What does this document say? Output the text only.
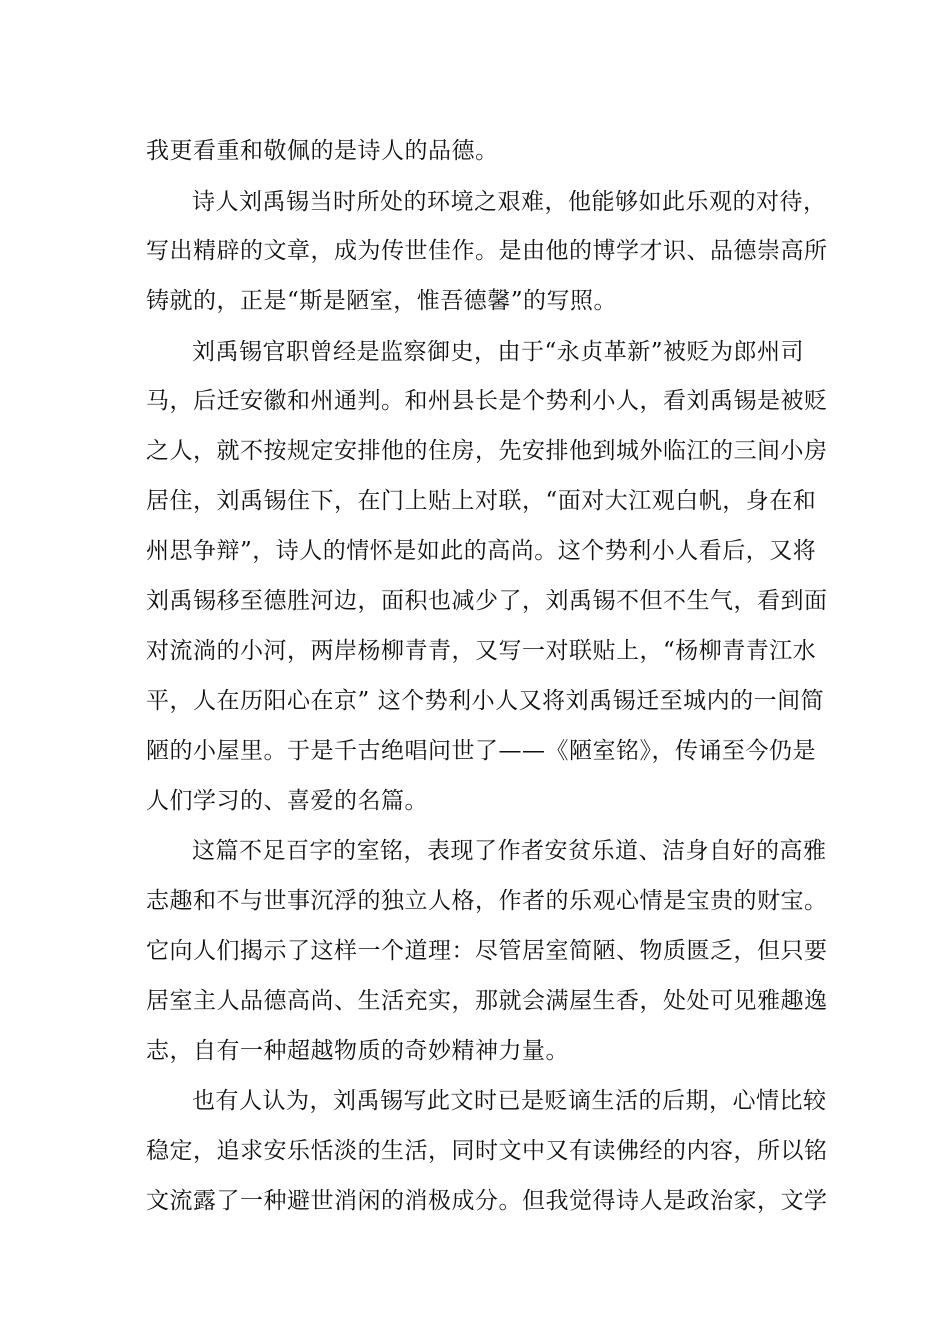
我更看重和敬佩的是诗人的品德。
诗人刘禹锡当时所处的环境之艰难，他能够如此乐观的对待，
写出精辟的文章，成为传世佳作。是由他的博学才识、品德崇高所
铸就的，正是“斯是陋室，惟吾德馨”的写照。
刘禹锡官职曾经是监察御史，由于“永贞革新”被贬为郎州司
马，后迁安徽和州通判。和州县长是个势利小人，看刘禹锡是被贬
之人，就不按规定安排他的住房，先安排他到城外临江的三间小房
居住，刘禹锡住下，在门上贴上对联，“面对大江观白帆，身在和
州思争辩”，诗人的情怀是如此的高尚。这个势利小人看后，又将
刘禹锡移至德胜河边，面积也减少了，刘禹锡不但不生气，看到面
对流淌的小河，两岸杨柳青青，又写一对联贴上，“杨柳青青江水
平，人在历阳心在京” 这个势利小人又将刘禹锡迁至城内的一间简
陋的小屋里。于是千古绝唱问世了——《陋室铭》，传诵至今仍是
人们学习的、喜爱的名篇。
这篇不足百字的室铭，表现了作者安贫乐道、洁身自好的高雅
志趣和不与世事沉浮的独立人格，作者的乐观心情是宝贵的财宝。
它向人们揭示了这样一个道理：尽管居室简陋、物质匮乏，但只要
居室主人品德高尚、生活充实，那就会满屋生香，处处可见雅趣逸
志，自有一种超越物质的奇妙精神力量。
也有人认为，刘禹锡写此文时已是贬谪生活的后期，心情比较
稳定，追求安乐恬淡的生活，同时文中又有读佛经的内容，所以铭
文流露了一种避世消闲的消极成分。但我觉得诗人是政治家，文学
